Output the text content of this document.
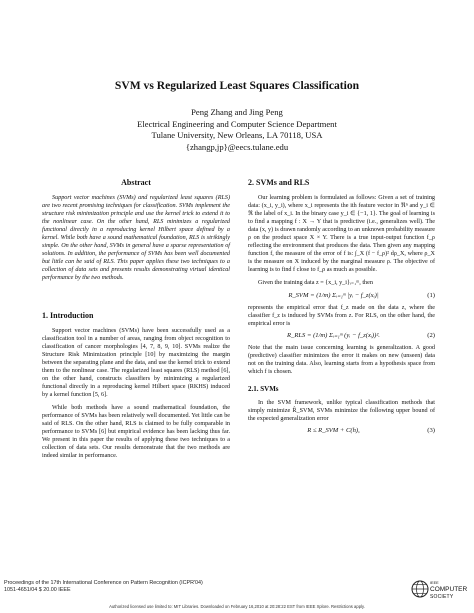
SVM vs Regularized Least Squares Classification
Peng Zhang and Jing Peng
Electrical Engineering and Computer Science Department
Tulane University, New Orleans, LA 70118, USA
{zhangp,jp}@eecs.tulane.edu
Abstract

Support vector machines (SVMs) and regularized least squares (RLS) are two recent promising techniques for classification. SVMs implement the structure risk minimization principle and use the kernel trick to extend it to the nonlinear case. On the other hand, RLS minimizes a regularized functional directly in a reproducing kernel Hilbert space defined by a kernel. While both have a sound mathematical foundation, RLS is strikingly simple. On the other hand, SVMs in general have a sparse representation of solutions. In addition, the performance of SVMs has been well documented but little can be said of RLS. This paper applies these two techniques to a collection of data sets and presents results demonstrating virtual identical performance by the two methods.

1. Introduction

Support vector machines (SVMs) have been successfully used as a classification tool in a number of areas, ranging from object recognition to classification of cancer morphologies [4, 7, 8, 9, 10]. SVMs realize the Structure Risk Minimization principle [10] by maximizing the margin between the separating plane and the data, and use the kernel trick to extend them to the nonlinear case. The regularized least squares (RLS) method [6], on the other hand, constructs classifiers by minimizing a regularized functional directly in a reproducing kernel Hilbert space (RKHS) induced by a kernel function [5, 6].

While both methods have a sound mathematical foundation, the performance of SVMs has been relatively well documented. Yet little can be said of RLS. On the other hand, RLS is claimed to be fully comparable in performance to SVMs [6] but empirical evidence has been lacking thus far. We present in this paper the results of applying these two techniques to a collection of data sets. Our results demonstrate that the two methods are indeed similar in performance.

2. SVMs and RLS

Our learning problem is formulated as follows: Given a set of training data: (x_i, y_i), where x_i represents the ith feature vector in ℜⁿ and y_i ∈ ℜ the label of x_i. In the binary case y_i ∈ {−1, 1}. The goal of learning is to find a mapping f : X → Y that is predictive (i.e., generalizes well). The data (x, y) is drawn randomly according to an unknown probability measure ρ on the product space X × Y. There is a true input-output function f_ρ reflecting the environment that produces the data. Then given any mapping function f, the measure of the error of f is: ∫_X (f − f_ρ)² dρ_X, where ρ_X is the measure on X induced by the marginal measure ρ. The objective of learning is to find f close to f_ρ as much as possible.

Given the training data z = {x_i, y_i}ᵢ₌₁ᵐ, then

R_SVM = (1/m) Σᵢ₌₁ᵐ |yᵢ − f_z(xᵢ)|	(1)

represents the empirical error that f_z made on the data z, where the classifier f_z is induced by SVMs from z. For RLS, on the other hand, the empirical error is

R_RLS = (1/m) Σᵢ₌₁ᵐ (yᵢ − f_z(xᵢ))².	(2)

Note that the main issue concerning learning is generalization. A good (predictive) classifier minimizes the error it makes on new (unseen) data not on the training data. Also, learning starts from a hypothesis space from which f is chosen.

2.1. SVMs

In the SVM framework, unlike typical classification methods that simply minimize R̂_SVM, SVMs minimize the following upper bound of the expected generalization error

R ≤ R_SVM + C(h),	(3)
Proceedings of the 17th International Conference on Pattern Recognition (ICPR'04)
1051-4651/04 $ 20.00 IEEE
IEEE
COMPUTER
SOCIETY
Authorized licensed use limited to: MIT Libraries. Downloaded on February 16,2010 at 20:28:22 EST from IEEE Xplore. Restrictions apply.
